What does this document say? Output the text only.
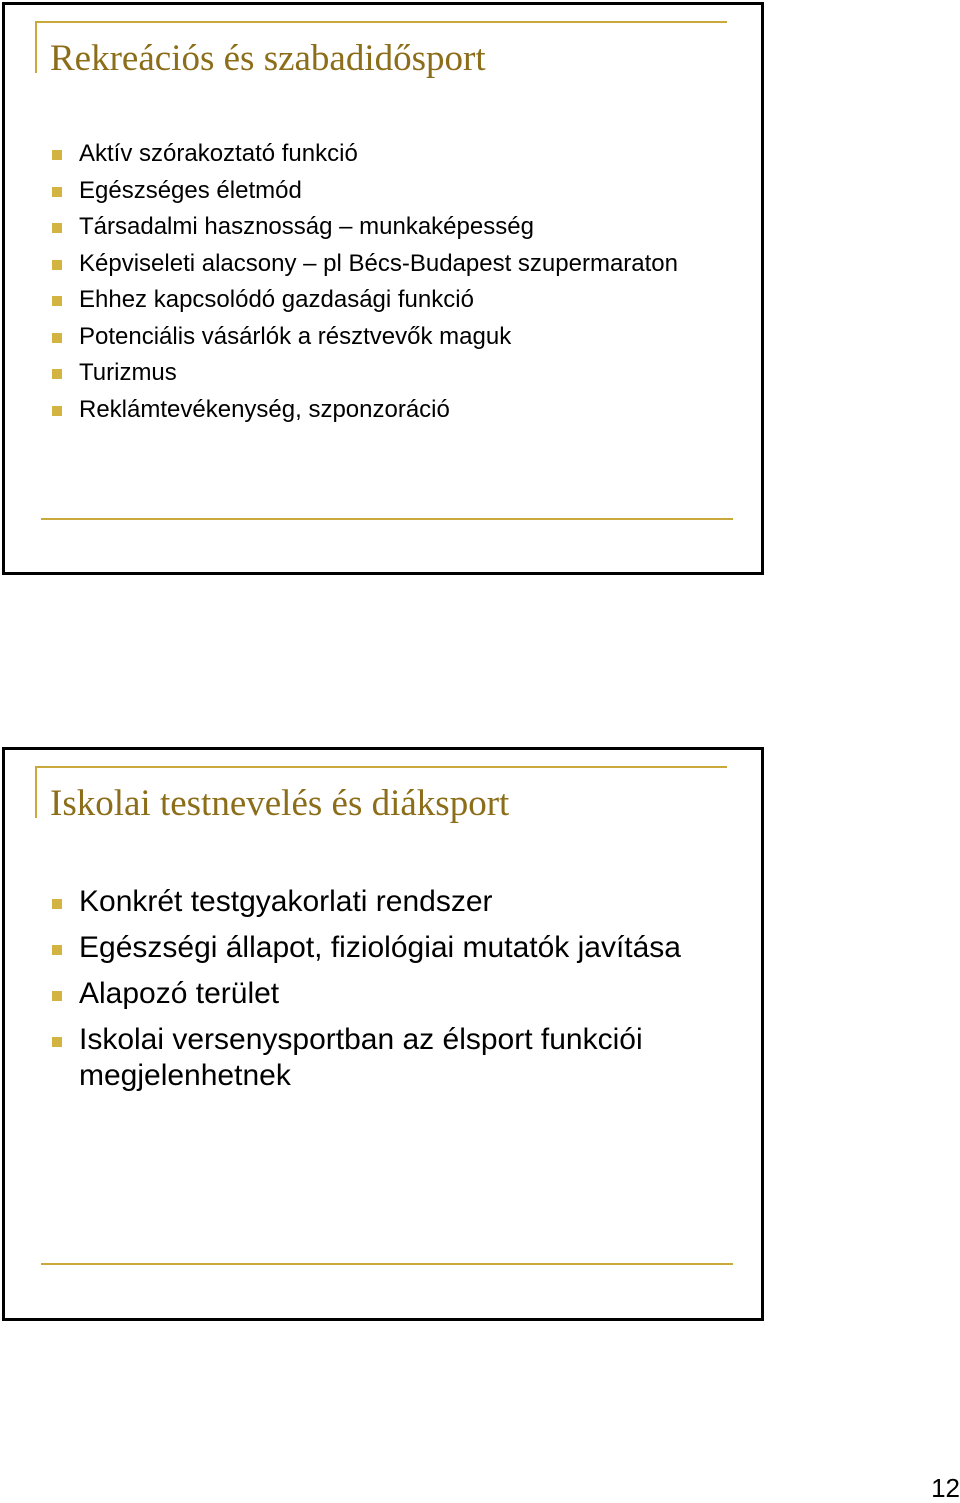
Rekreációs és szabadidősport
Aktív szórakoztató funkció
Egészséges életmód
Társadalmi hasznosság – munkaképesség
Képviseleti alacsony – pl Bécs-Budapest szupermaraton
Ehhez kapcsolódó gazdasági funkció
Potenciális vásárlók a résztvevők maguk
Turizmus
Reklámtevékenység, szponzoráció
Iskolai testnevelés és diáksport
Konkrét testgyakorlati rendszer
Egészségi állapot, fiziológiai mutatók javítása
Alapozó terület
Iskolai versenysportban az élsport funkciói megjelenhetnek
12
